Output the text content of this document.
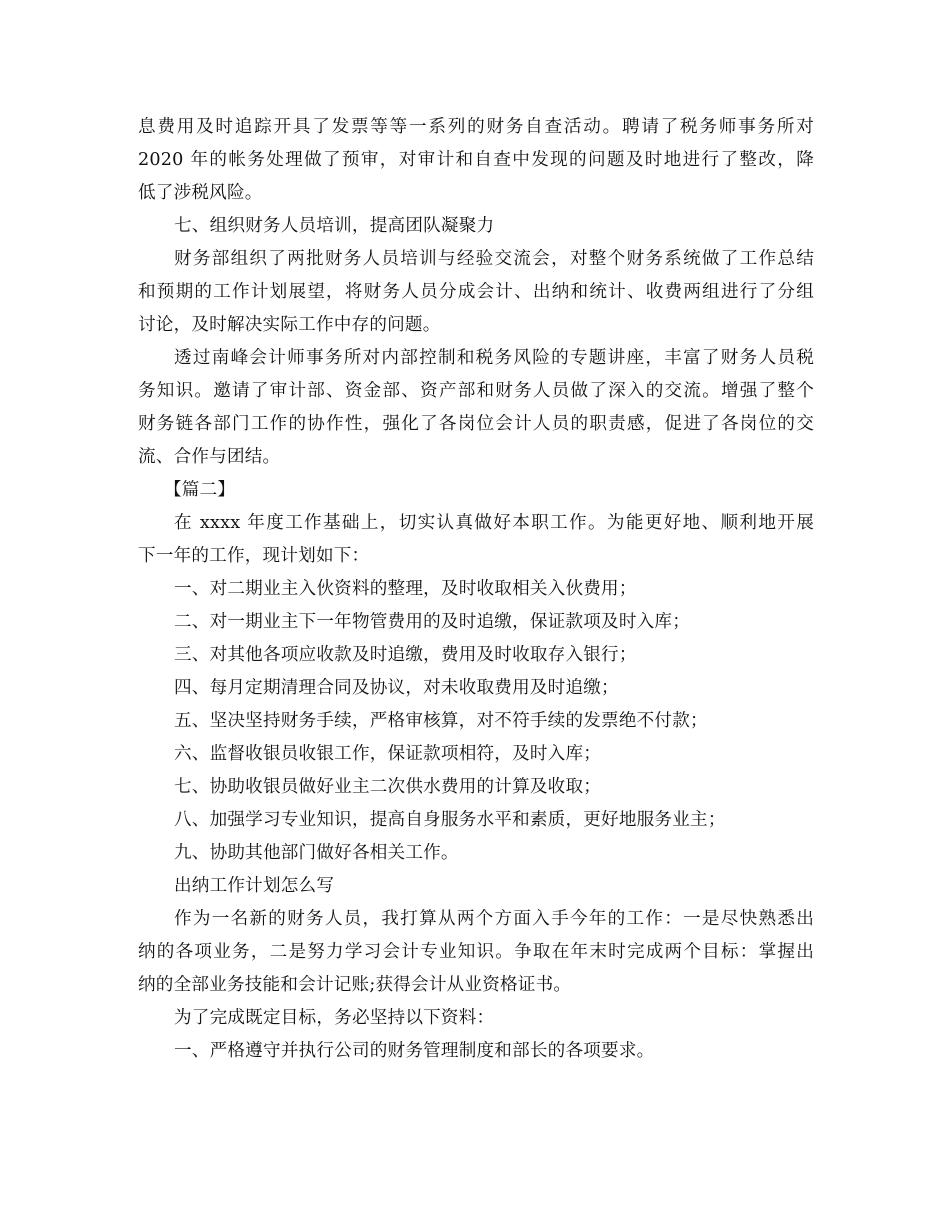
息费用及时追踪开具了发票等等一系列的财务自查活动。聘请了税务师事务所对
2020 年的帐务处理做了预审，对审计和自查中发现的问题及时地进行了整改，降
低了涉税风险。
七、组织财务人员培训，提高团队凝聚力
财务部组织了两批财务人员培训与经验交流会，对整个财务系统做了工作总结
和预期的工作计划展望，将财务人员分成会计、出纳和统计、收费两组进行了分组
讨论，及时解决实际工作中存的问题。
透过南峰会计师事务所对内部控制和税务风险的专题讲座，丰富了财务人员税
务知识。邀请了审计部、资金部、资产部和财务人员做了深入的交流。增强了整个
财务链各部门工作的协作性，强化了各岗位会计人员的职责感，促进了各岗位的交
流、合作与团结。
【篇二】
在 xxxx 年度工作基础上，切实认真做好本职工作。为能更好地、顺利地开展
下一年的工作，现计划如下：
一、对二期业主入伙资料的整理，及时收取相关入伙费用；
二、对一期业主下一年物管费用的及时追缴，保证款项及时入库；
三、对其他各项应收款及时追缴，费用及时收取存入银行；
四、每月定期清理合同及协议，对未收取费用及时追缴；
五、坚决坚持财务手续，严格审核算，对不符手续的发票绝不付款；
六、监督收银员收银工作，保证款项相符，及时入库；
七、协助收银员做好业主二次供水费用的计算及收取；
八、加强学习专业知识，提高自身服务水平和素质，更好地服务业主；
九、协助其他部门做好各相关工作。
出纳工作计划怎么写
作为一名新的财务人员，我打算从两个方面入手今年的工作：一是尽快熟悉出
纳的各项业务，二是努力学习会计专业知识。争取在年末时完成两个目标：掌握出
纳的全部业务技能和会计记账;获得会计从业资格证书。
为了完成既定目标，务必坚持以下资料：
一、严格遵守并执行公司的财务管理制度和部长的各项要求。
